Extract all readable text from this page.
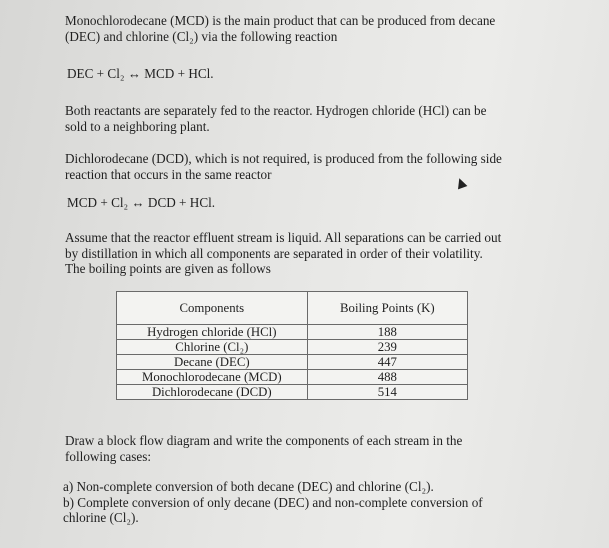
Monochlorodecane (MCD) is the main product that can be produced from decane
(DEC) and chlorine (Cl₂) via the following reaction
DEC + Cl₂ ↔ MCD + HCl.
Both reactants are separately fed to the reactor. Hydrogen chloride (HCl) can be
sold to a neighboring plant.
Dichlorodecane (DCD), which is not required, is produced from the following side
reaction that occurs in the same reactor
MCD + Cl₂ ↔ DCD + HCl.
Assume that the reactor effluent stream is liquid. All separations can be carried out
by distillation in which all components are separated in order of their volatility.
The boiling points are given as follows
Components	Boiling Points (K)
Hydrogen chloride (HCl)	188
Chlorine (Cl₂)	239
Decane (DEC)	447
Monochlorodecane (MCD)	488
Dichlorodecane (DCD)	514
Draw a block flow diagram and write the components of each stream in the
following cases:
a) Non-complete conversion of both decane (DEC) and chlorine (Cl₂).
b) Complete conversion of only decane (DEC) and non-complete conversion of
chlorine (Cl₂).
